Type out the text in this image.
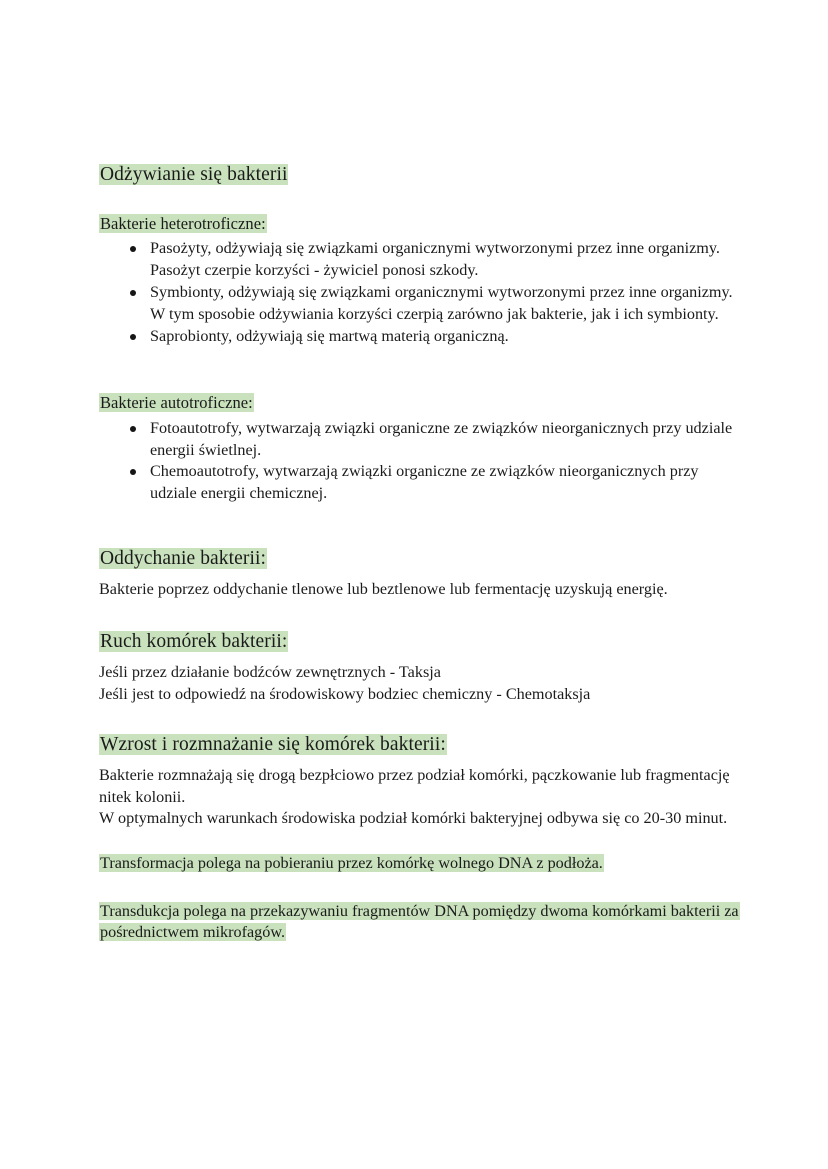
Odżywianie się bakterii
Bakterie heterotroficzne:
Pasożyty, odżywiają się związkami organicznymi wytworzonymi przez inne organizmy. Pasożyt czerpie korzyści - żywiciel ponosi szkody.
Symbionty, odżywiają się związkami organicznymi wytworzonymi przez inne organizmy. W tym sposobie odżywiania korzyści czerpią zarówno jak bakterie, jak i ich symbionty.
Saprobionty, odżywiają się martwą materią organiczną.
Bakterie autotroficzne:
Fotoautotrofy, wytwarzają związki organiczne ze związków nieorganicznych przy udziale energii świetlnej.
Chemoautotrofy, wytwarzają związki organiczne ze związków nieorganicznych przy udziale energii chemicznej.
Oddychanie bakterii:

Bakterie poprzez oddychanie tlenowe lub beztlenowe lub fermentację uzyskują energię.

Ruch komórek bakterii:

Jeśli przez działanie bodźców zewnętrznych - Taksja

Jeśli jest to odpowiedź na środowiskowy bodziec chemiczny - Chemotaksja

Wzrost i rozmnażanie się komórek bakterii:

Bakterie rozmnażają się drogą bezpłciowo przez podział komórki, pączkowanie lub fragmentację nitek kolonii.

W optymalnych warunkach środowiska podział komórki bakteryjnej odbywa się co 20-30 minut.

Transformacja polega na pobieraniu przez komórkę wolnego DNA z podłoża.

Transdukcja polega na przekazywaniu fragmentów DNA pomiędzy dwoma komórkami bakterii za pośrednictwem mikrofagów.
